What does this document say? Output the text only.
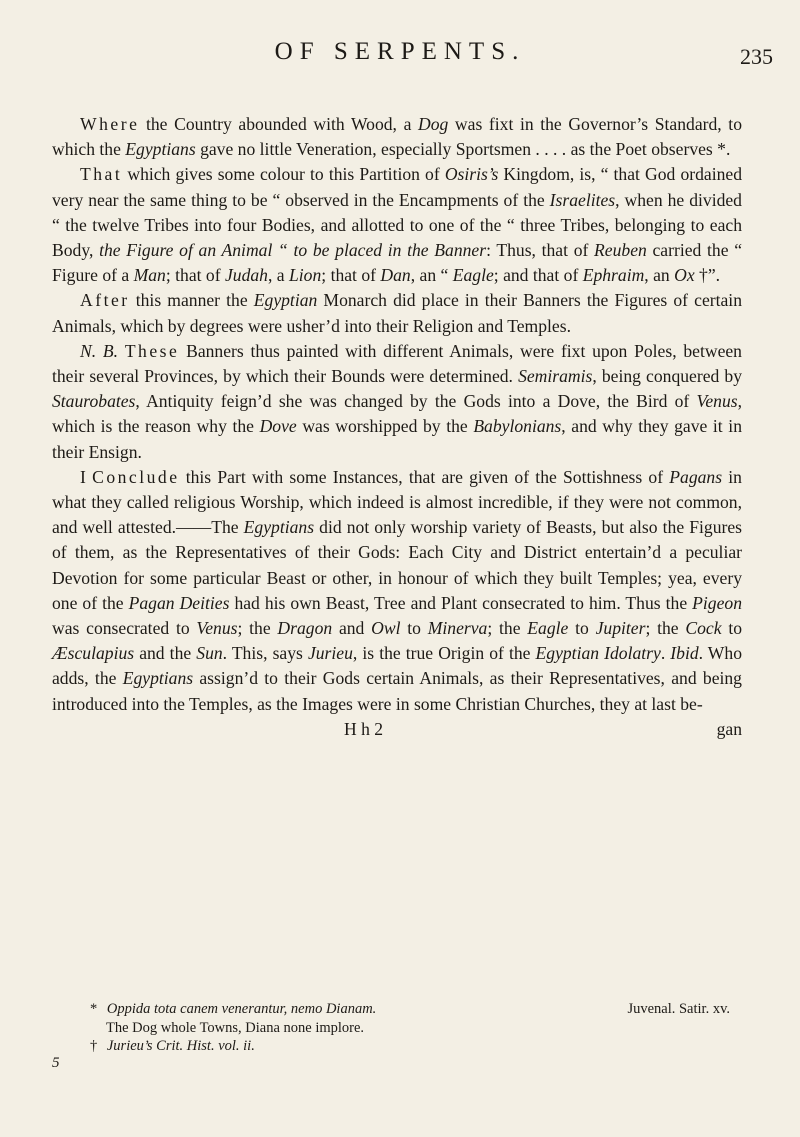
OF SERPENTS.	235

Where the Country abounded with Wood, a Dog was fixt in the Governor’s Standard, to which the Egyptians gave no little Veneration, especially Sportsmen . . . . as the Poet observes *.

That which gives some colour to this Partition of Osiris’s Kingdom, is, “ that God ordained very near the same thing to be “ observed in the Encampments of the Israelites, when he divided “ the twelve Tribes into four Bodies, and allotted to one of the “ three Tribes, belonging to each Body, the Figure of an Animal “ to be placed in the Banner: Thus, that of Reuben carried the “ Figure of a Man; that of Judah, a Lion; that of Dan, an “ Eagle; and that of Ephraim, an Ox †”.

After this manner the Egyptian Monarch did place in their Banners the Figures of certain Animals, which by degrees were usher’d into their Religion and Temples.

N. B. These Banners thus painted with different Animals, were fixt upon Poles, between their several Provinces, by which their Bounds were determined. Semiramis, being conquered by Staurobates, Antiquity feign’d she was changed by the Gods into a Dove, the Bird of Venus, which is the reason why the Dove was worshipped by the Babylonians, and why they gave it in their Ensign.

I Conclude this Part with some Instances, that are given of the Sottishness of Pagans in what they called religious Worship, which indeed is almost incredible, if they were not common, and well attested.——The Egyptians did not only worship variety of Beasts, but also the Figures of them, as the Representatives of their Gods: Each City and District entertain’d a peculiar Devotion for some particular Beast or other, in honour of which they built Temples; yea, every one of the Pagan Deities had his own Beast, Tree and Plant consecrated to him. Thus the Pigeon was consecrated to Venus; the Dragon and Owl to Minerva; the Eagle to Jupiter; the Cock to Æsculapius and the Sun. This, says Jurieu, is the true Origin of the Egyptian Idolatry. Ibid. Who adds, the Egyptians assign’d to their Gods certain Animals, as their Representatives, and being introduced into the Temples, as the Images were in some Christian Churches, they at last be-

H h 2	gan
* Oppida tota canem venerantur, nemo Dianam.	Juvenal. Satir. xv.
The Dog whole Towns, Diana none implore.
† Jurieu’s Crit. Hist. vol. ii.
5
